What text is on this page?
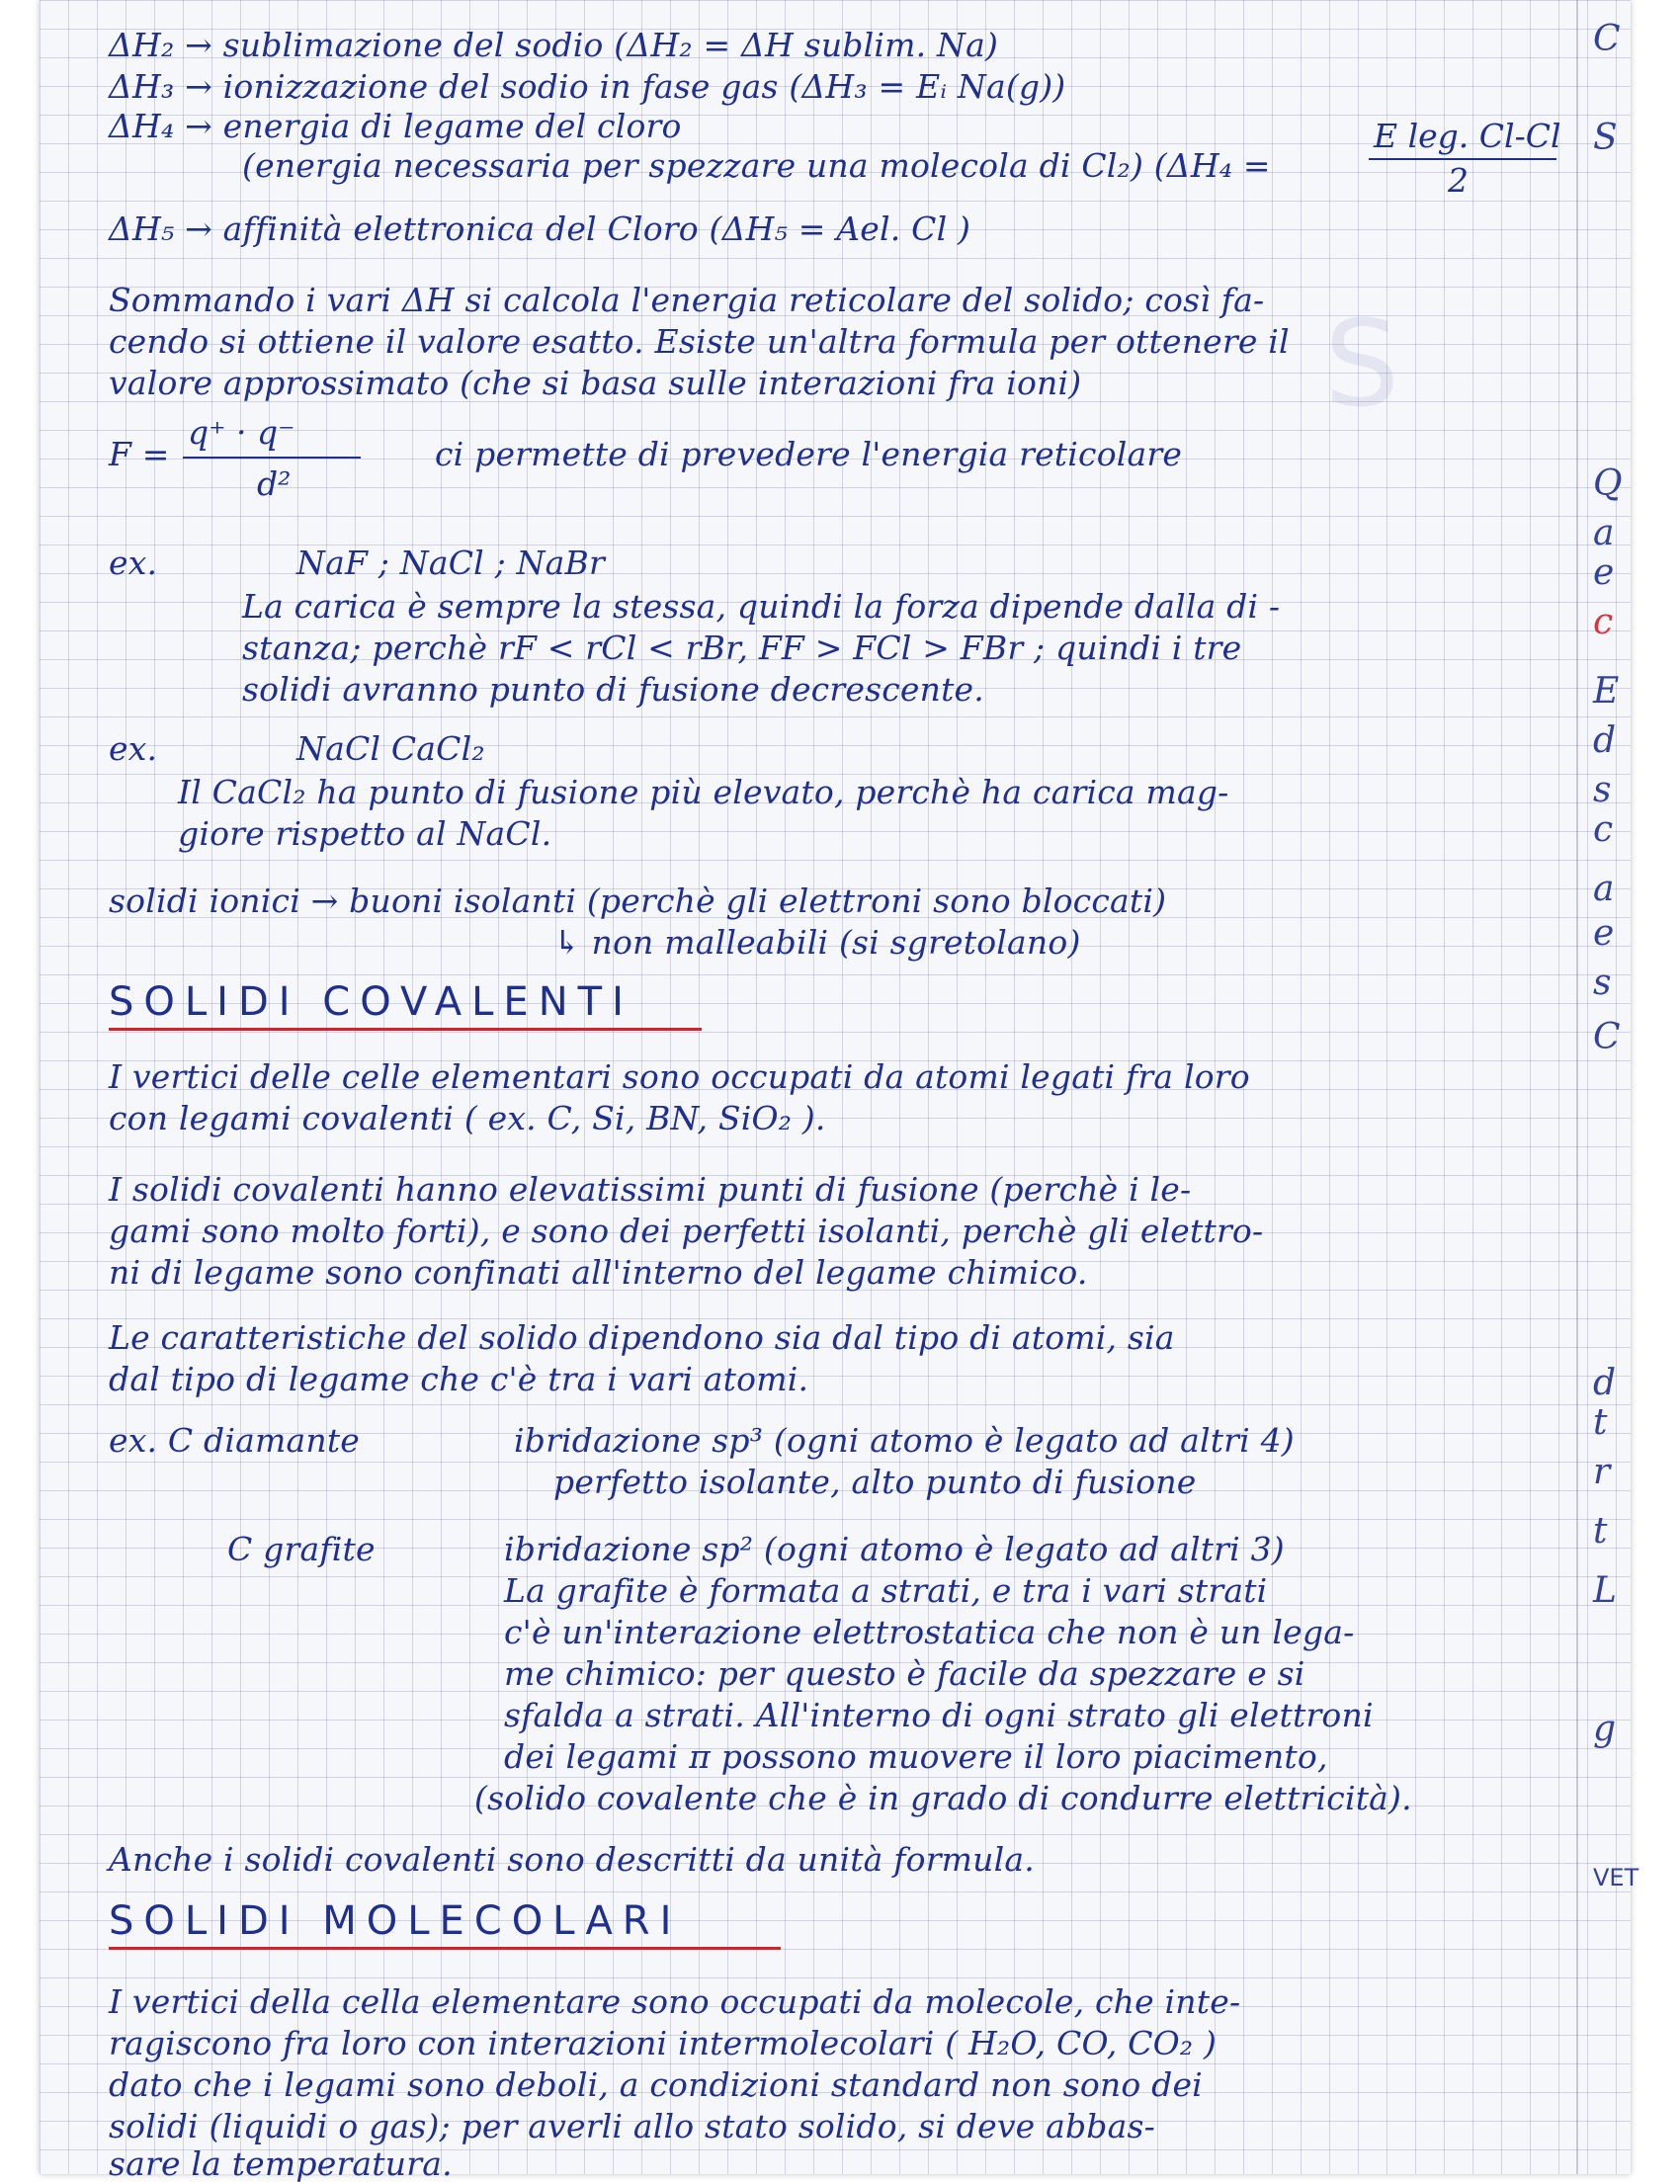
S
ΔH₂ → sublimazione del sodio (ΔH₂ = ΔH sublim. Na)
ΔH₃ → ionizzazione del sodio in fase gas (ΔH₃ = Eᵢ Na(g))
ΔH₄ → energia di legame del cloro
(energia necessaria per spezzare una molecola di Cl₂) (ΔH₄ =
E leg. Cl-Cl
2
ΔH₅ → affinità elettronica del Cloro (ΔH₅ = Ael. Cl )
Sommando i vari ΔH si calcola l'energia reticolare del solido; così fa-
cendo si ottiene il valore esatto. Esiste un'altra formula per ottenere il
valore approssimato (che si basa sulle interazioni fra ioni)
F =
q⁺ · q⁻
d²
ci permette di prevedere l'energia reticolare
ex.	NaF ; NaCl ; NaBr
La carica è sempre la stessa, quindi la forza dipende dalla di -
stanza; perchè rF < rCl < rBr, FF > FCl > FBr ; quindi i tre
solidi avranno punto di fusione decrescente.
ex.	NaCl CaCl₂
Il CaCl₂ ha punto di fusione più elevato, perchè ha carica mag-
giore rispetto al NaCl.
solidi ionici → buoni isolanti (perchè gli elettroni sono bloccati)
↳ non malleabili (si sgretolano)
SOLIDI COVALENTI
I vertici delle celle elementari sono occupati da atomi legati fra loro
con legami covalenti ( ex. C, Si, BN, SiO₂ ).
I solidi covalenti hanno elevatissimi punti di fusione (perchè i le-
gami sono molto forti), e sono dei perfetti isolanti, perchè gli elettro-
ni di legame sono confinati all'interno del legame chimico.
Le caratteristiche del solido dipendono sia dal tipo di atomi, sia
dal tipo di legame che c'è tra i vari atomi.
ex. C diamante	ibridazione sp³ (ogni atomo è legato ad altri 4)
perfetto isolante, alto punto di fusione
C grafite	ibridazione sp² (ogni atomo è legato ad altri 3)
La grafite è formata a strati, e tra i vari strati
c'è un'interazione elettrostatica che non è un lega-
me chimico: per questo è facile da spezzare e si
sfalda a strati. All'interno di ogni strato gli elettroni
dei legami π possono muovere il loro piacimento,
(solido covalente che è in grado di condurre elettricità).
Anche i solidi covalenti sono descritti da unità formula.
SOLIDI MOLECOLARI
I vertici della cella elementare sono occupati da molecole, che inte-
ragiscono fra loro con interazioni intermolecolari ( H₂O, CO, CO₂ )
dato che i legami sono deboli, a condizioni standard non sono dei
solidi (liquidi o gas); per averli allo stato solido, si deve abbas-
sare la temperatura.
C
S
Q
a
e
c
E
d
s
c
a
e
s
C
d
t
r
t
L
g
VET
